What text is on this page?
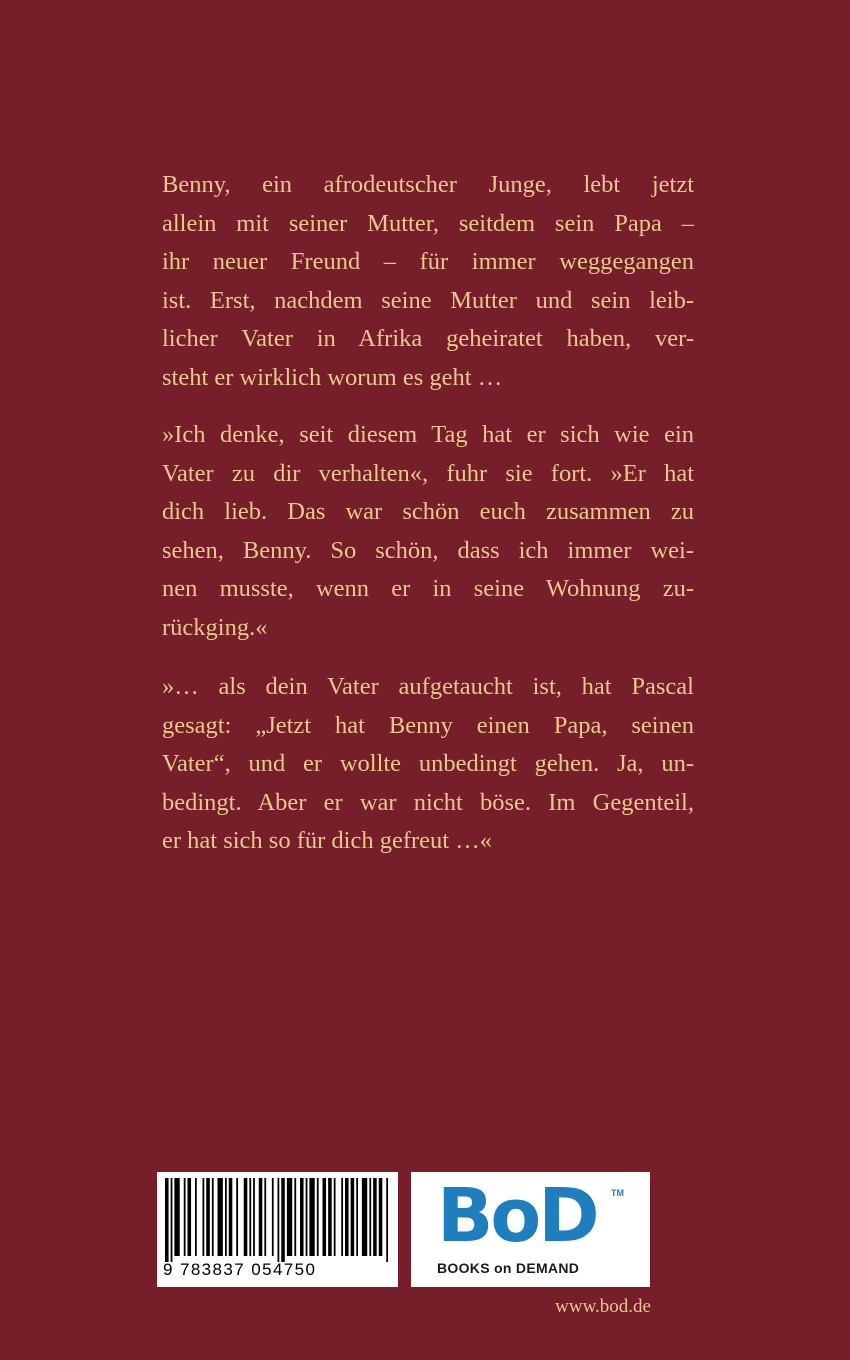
Benny, ein afrodeutscher Junge, lebt jetzt
allein mit seiner Mutter, seitdem sein Papa –
ihr neuer Freund – für immer weggegangen
ist. Erst, nachdem seine Mutter und sein leib-
licher Vater in Afrika geheiratet haben, ver-
steht er wirklich worum es geht …
»Ich denke, seit diesem Tag hat er sich wie ein
Vater zu dir verhalten«, fuhr sie fort. »Er hat
dich lieb. Das war schön euch zusammen zu
sehen, Benny. So schön, dass ich immer wei-
nen musste, wenn er in seine Wohnung zu-
rückging.«
»… als dein Vater aufgetaucht ist, hat Pascal
gesagt: „Jetzt hat Benny einen Papa, seinen
Vater“, und er wollte unbedingt gehen. Ja, un-
bedingt. Aber er war nicht böse. Im Gegenteil,
er hat sich so für dich gefreut …«
9 783837 054750
BoD TM
BOOKS on DEMAND
www.bod.de
